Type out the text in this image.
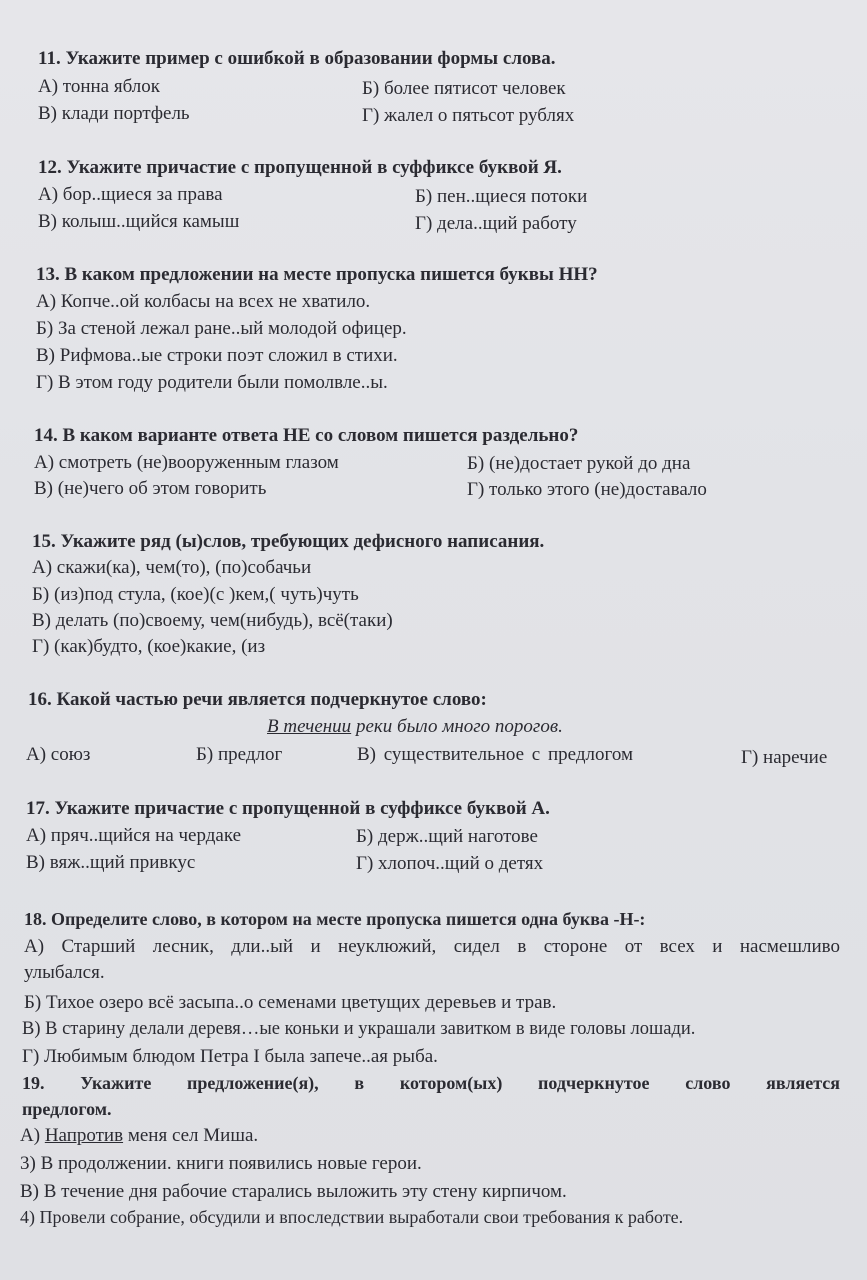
11. Укажите пример с ошибкой в образовании формы слова.
А) тонна яблок	Б) более пятисот человек
В) клади портфель	Г) жалел о пятьсот рублях
12. Укажите причастие с пропущенной в суффиксе буквой Я.
А) бор..щиеся за права	Б) пен..щиеся потоки
В) колыш..щийся камыш	Г) дела..щий работу
13. В каком предложении на месте пропуска пишется буквы НН?
А) Копче..ой колбасы на всех не хватило.
Б) За стеной лежал ране..ый молодой офицер.
В) Рифмова..ые строки поэт сложил в стихи.
Г) В этом году родители были помолвле..ы.
14. В каком варианте ответа НЕ со словом пишется раздельно?
А) смотреть (не)вооруженным глазом	Б) (не)достает рукой до дна
В) (не)чего об этом говорить	Г) только этого (не)доставало
15. Укажите ряд (ы)слов, требующих дефисного написания.
А) скажи(ка), чем(то), (по)собачьи
Б) (из)под стула, (кое)(с )кем,( чуть)чуть
В) делать (по)своему, чем(нибудь), всё(таки)
Г) (как)будто, (кое)какие, (из
16. Какой частью речи является подчеркнутое слово:
В течении реки было много порогов.
А) союз	Б) предлог	В) существительное с предлогом	Г) наречие
17. Укажите причастие с пропущенной в суффиксе буквой А.
А) пряч..щийся на чердаке	Б) держ..щий наготове
В) вяж..щий привкус	Г) хлопоч..щий о детях
18. Определите слово, в котором на месте пропуска пишется одна буква -Н-:
А) Старший лесник, дли..ый и неуклюжий, сидел в стороне от всех и насмешливо
улыбался.
Б) Тихое озеро всё засыпа..о семенами цветущих деревьев и трав.
В) В старину делали деревя…ые коньки и украшали завитком в виде головы лошади.
Г) Любимым блюдом Петра I была запече..ая рыба.
19. Укажите предложение(я), в котором(ых) подчеркнутое слово является
предлогом.
А) Напротив меня сел Миша.
3) В продолжении. книги появились новые герои.
В) В течение дня рабочие старались выложить эту стену кирпичом.
4) Провели собрание, обсудили и впоследствии выработали свои требования к работе.
